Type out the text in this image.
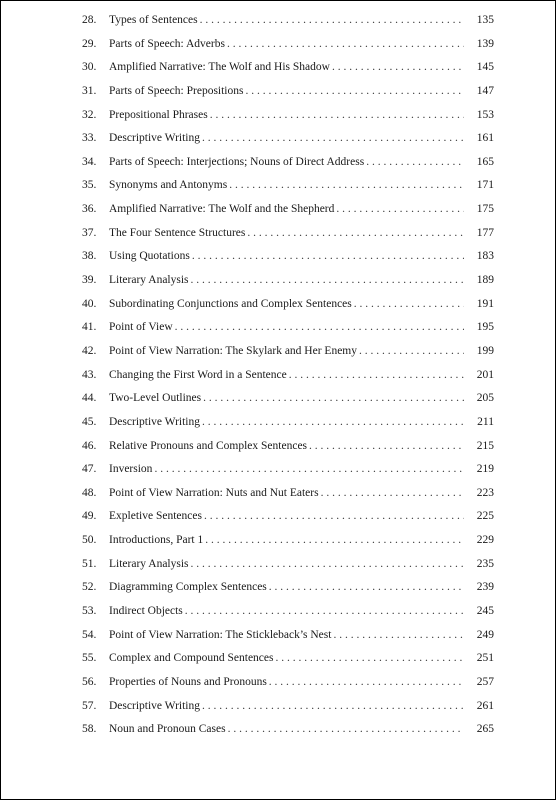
28.	Types of Sentences . . .	135
29.	Parts of Speech: Adverbs . . .	139
30.	Amplified Narrative: The Wolf and His Shadow . . .	145
31.	Parts of Speech: Prepositions . . .	147
32.	Prepositional Phrases . . .	153
33.	Descriptive Writing . . .	161
34.	Parts of Speech: Interjections; Nouns of Direct Address . . .	165
35.	Synonyms and Antonyms . . .	171
36.	Amplified Narrative: The Wolf and the Shepherd . . .	175
37.	The Four Sentence Structures . . .	177
38.	Using Quotations . . .	183
39.	Literary Analysis . . .	189
40.	Subordinating Conjunctions and Complex Sentences . . .	191
41.	Point of View . . .	195
42.	Point of View Narration: The Skylark and Her Enemy . . .	199
43.	Changing the First Word in a Sentence . . .	201
44.	Two-Level Outlines . . .	205
45.	Descriptive Writing . . .	211
46.	Relative Pronouns and Complex Sentences . . .	215
47.	Inversion . . .	219
48.	Point of View Narration: Nuts and Nut Eaters . . .	223
49.	Expletive Sentences . . .	225
50.	Introductions, Part 1 . . .	229
51.	Literary Analysis . . .	235
52.	Diagramming Complex Sentences . . .	239
53.	Indirect Objects . . .	245
54.	Point of View Narration: The Stickleback’s Nest . . .	249
55.	Complex and Compound Sentences . . .	251
56.	Properties of Nouns and Pronouns . . .	257
57.	Descriptive Writing . . .	261
58.	Noun and Pronoun Cases . . .	265
